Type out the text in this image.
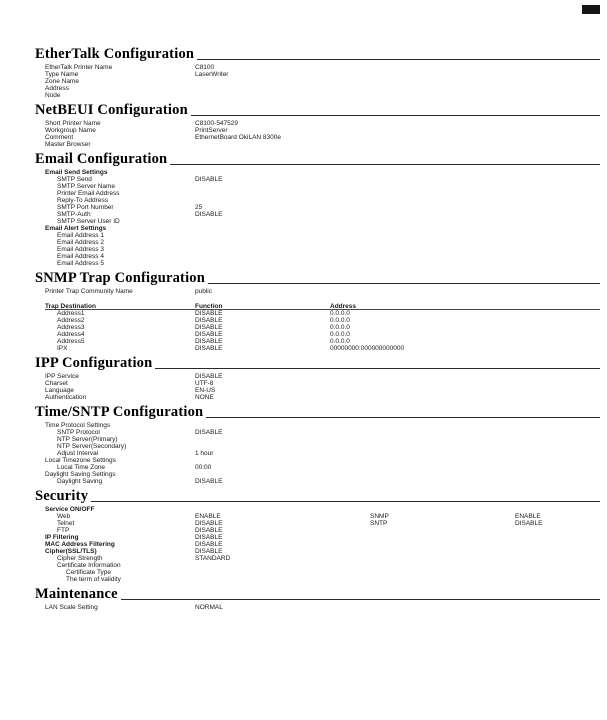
EtherTalk Configuration
EtherTalk Printer Name	C8100
Type Name	LaserWriter
Zone Name
Address
Node
NetBEUI Configuration
Short Printer Name	C8100-547529
Workgroup Name	PrintServer
Comment	EthernetBoard OkiLAN 8300e
Master Browser
Email Configuration
Email Send Settings
SMTP Send	DISABLE
SMTP Server Name
Printer Email Address
Reply-To Address
SMTP Port Number	25
SMTP-Auth	DISABLE
SMTP Server User ID
Email Alert Settings
Email Address 1
Email Address 2
Email Address 3
Email Address 4
Email Address 5
SNMP Trap Configuration
Printer Trap Community Name	public
Trap Destination	Function	Address
Address1	DISABLE	0.0.0.0
Address2	DISABLE	0.0.0.0
Address3	DISABLE	0.0.0.0
Address4	DISABLE	0.0.0.0
Address5	DISABLE	0.0.0.0
IPX	DISABLE	00000000:000000000000
IPP Configuration
IPP Service	DISABLE
Charset	UTF-8
Language	EN-US
Authentication	NONE
Time/SNTP Configuration
Time Protocol Settings
SNTP Protocol	DISABLE
NTP Server(Primary)
NTP Server(Secondary)
Adjust Interval	1 hour
Local Timezone Settings
Local Time Zone	00:00
Daylight Saving Settings
Daylight Saving	DISABLE
Security
Service ON/OFF
Web	ENABLE	SNMP	ENABLE
Telnet	DISABLE	SNTP	DISABLE
FTP	DISABLE
IP Filtering	DISABLE
MAC Address Filtering	DISABLE
Cipher(SSL/TLS)	DISABLE
Cipher Strength	STANDARD
Certificate Information
Certificate Type
The term of validity
Maintenance
LAN Scale Setting	NORMAL
